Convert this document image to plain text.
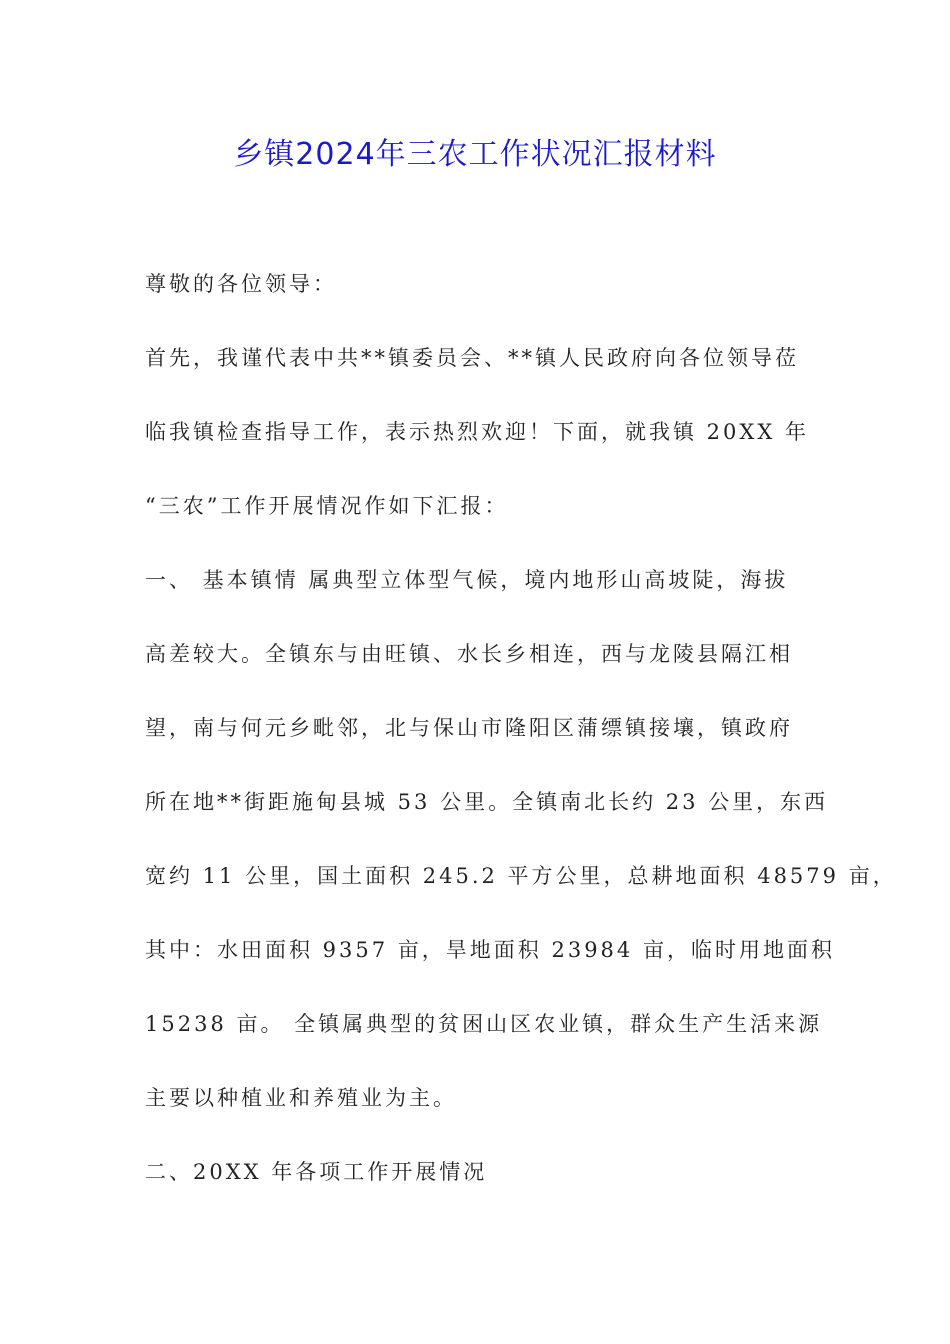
乡镇2024年三农工作状况汇报材料
尊敬的各位领导：
首先，我谨代表中共**镇委员会、**镇人民政府向各位领导莅
临我镇检查指导工作，表示热烈欢迎！下面，就我镇 20XX 年
“三农”工作开展情况作如下汇报：
一、 基本镇情 属典型立体型气候，境内地形山高坡陡，海拔
高差较大。全镇东与由旺镇、水长乡相连，西与龙陵县隔江相
望，南与何元乡毗邻，北与保山市隆阳区蒲缥镇接壤，镇政府
所在地**街距施甸县城 53 公里。全镇南北长约 23 公里，东西
宽约 11 公里，国土面积 245.2 平方公里，总耕地面积 48579 亩，
其中：水田面积 9357 亩，旱地面积 23984 亩，临时用地面积
15238 亩。 全镇属典型的贫困山区农业镇，群众生产生活来源
主要以种植业和养殖业为主。
二、20XX 年各项工作开展情况
